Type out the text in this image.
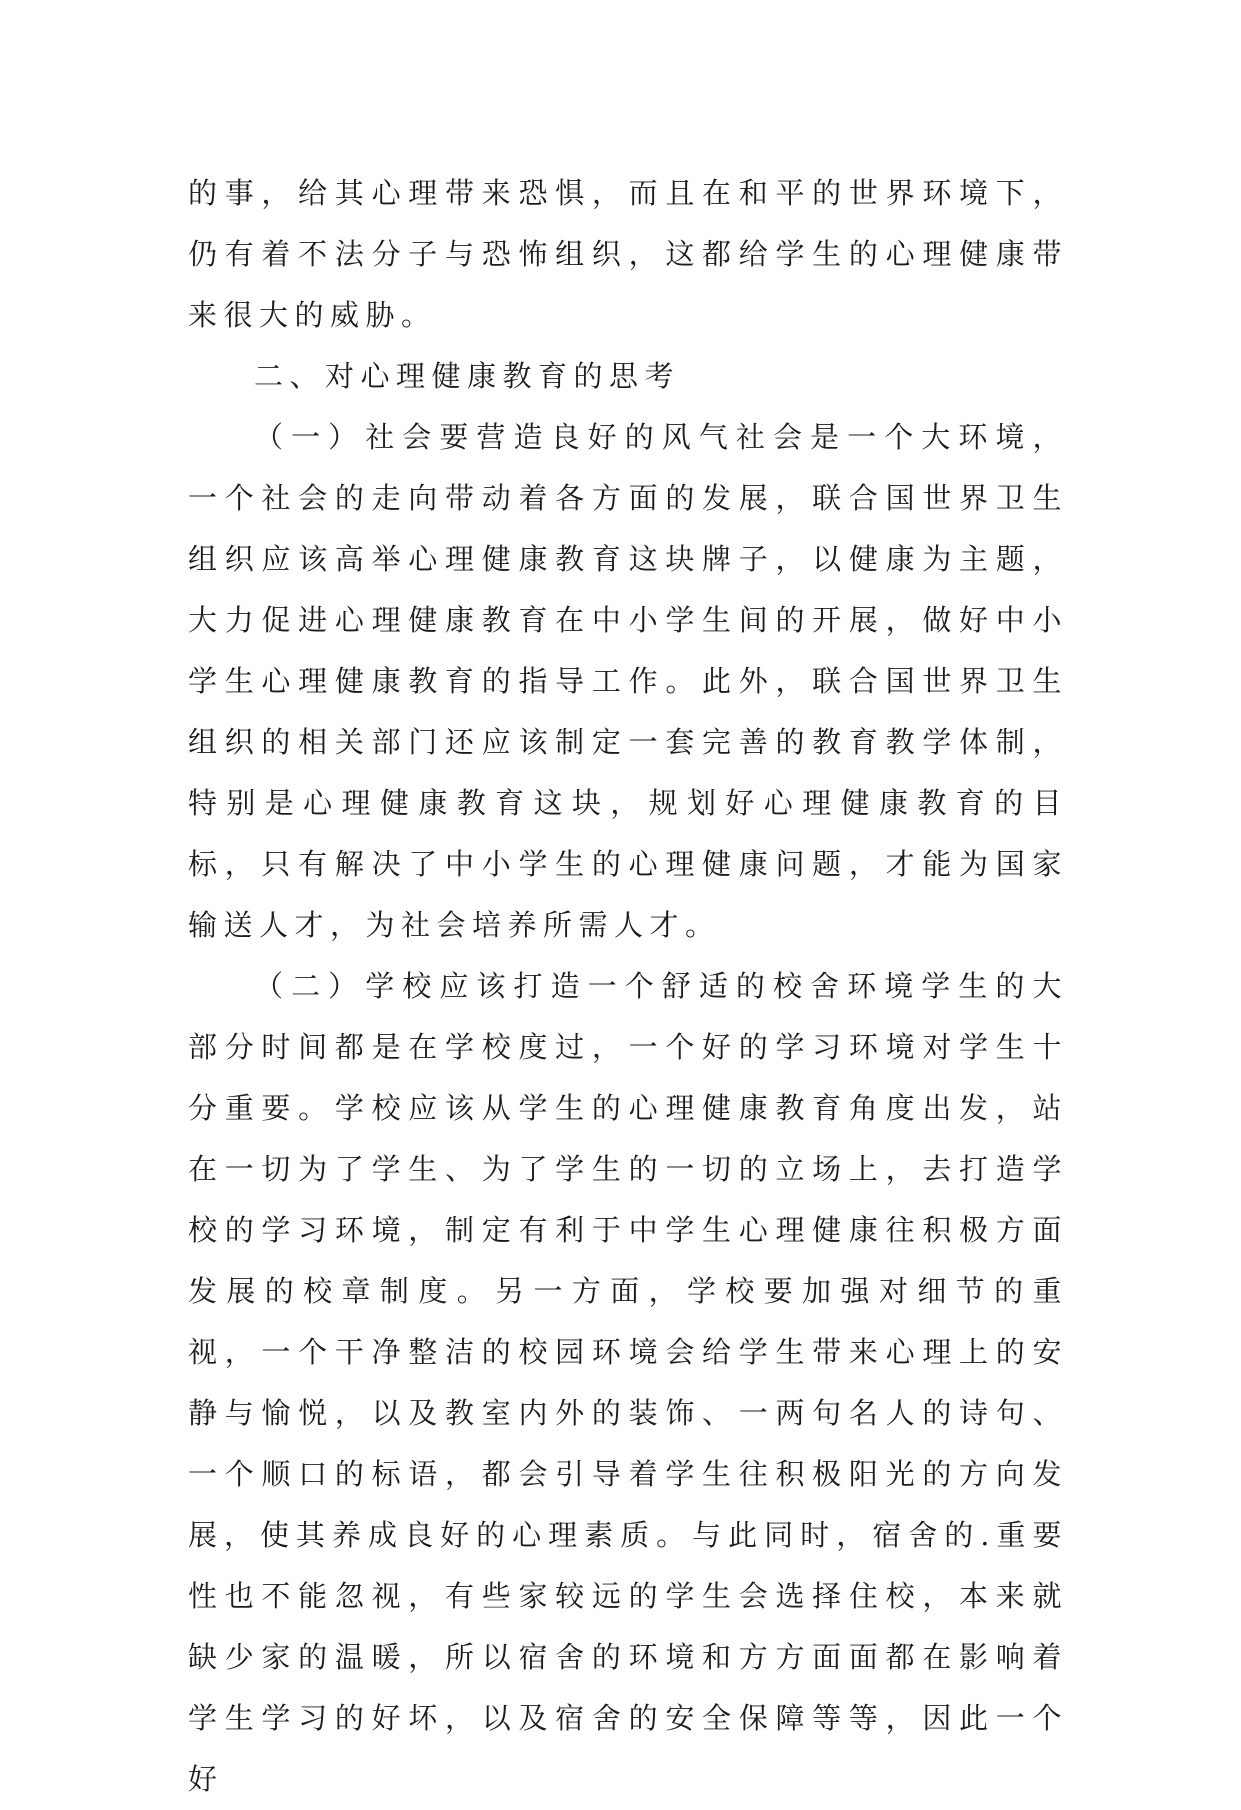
的事，给其心理带来恐惧，而且在和平的世界环境下，仍有着不法分子与恐怖组织，这都给学生的心理健康带来很大的威胁。

二、对心理健康教育的思考

（一）社会要营造良好的风气社会是一个大环境，一个社会的走向带动着各方面的发展，联合国世界卫生组织应该高举心理健康教育这块牌子，以健康为主题，大力促进心理健康教育在中小学生间的开展，做好中小学生心理健康教育的指导工作。此外，联合国世界卫生组织的相关部门还应该制定一套完善的教育教学体制，特别是心理健康教育这块，规划好心理健康教育的目标，只有解决了中小学生的心理健康问题，才能为国家输送人才，为社会培养所需人才。

（二）学校应该打造一个舒适的校舍环境学生的大部分时间都是在学校度过，一个好的学习环境对学生十分重要。学校应该从学生的心理健康教育角度出发，站在一切为了学生、为了学生的一切的立场上，去打造学校的学习环境，制定有利于中学生心理健康往积极方面发展的校章制度。另一方面，学校要加强对细节的重视，一个干净整洁的校园环境会给学生带来心理上的安静与愉悦，以及教室内外的装饰、一两句名人的诗句、一个顺口的标语，都会引导着学生往积极阳光的方向发展，使其养成良好的心理素质。与此同时，宿舍的.重要性也不能忽视，有些家较远的学生会选择住校，本来就缺少家的温暖，所以宿舍的环境和方方面面都在影响着学生学习的好坏，以及宿舍的安全保障等等，因此一个好
